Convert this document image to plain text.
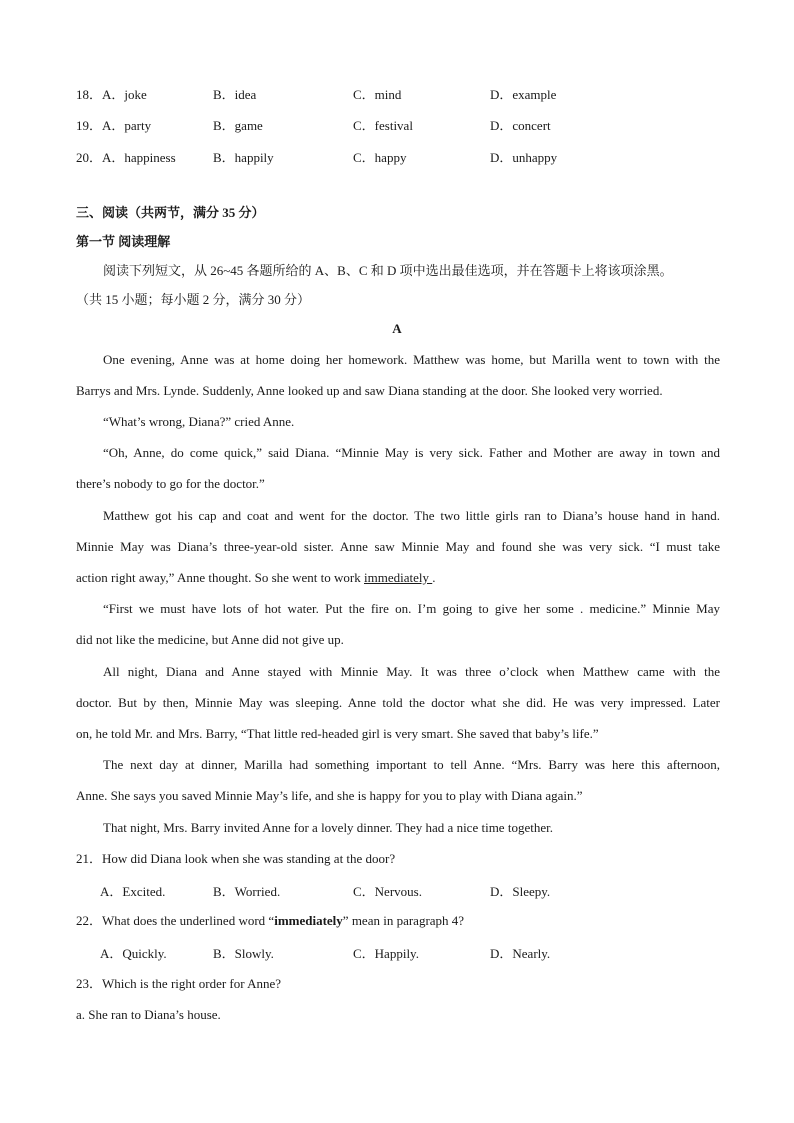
18．A．joke	B．idea	C．mind	D．example
19．A．party	B．game	C．festival	D．concert
20．A．happiness	B．happily	C．happy	D．unhappy
三、阅读（共两节，满分 35 分）
第一节 阅读理解
阅读下列短文，从 26~45 各题所给的 A、B、C 和 D 项中选出最佳选项，并在答题卡上将该项涂黑。
（共 15 小题；每小题 2 分，满分 30 分）
A
One evening, Anne was at home doing her homework. Matthew was home, but Marilla went to town with the
Barrys and Mrs. Lynde. Suddenly, Anne looked up and saw Diana standing at the door. She looked very worried.
“What’s wrong, Diana?” cried Anne.
“Oh, Anne, do come quick,” said Diana. “Minnie May is very sick. Father and Mother are away in town and
there’s nobody to go for the doctor.”
Matthew got his cap and coat and went for the doctor. The two little girls ran to Diana’s house hand in hand.
Minnie May was Diana’s three-year-old sister. Anne saw Minnie May and found she was very sick. “I must take
action right away,” Anne thought. So she went to work immediately .
“First we must have lots of hot water. Put the fire on. I’m going to give her some . medicine.” Minnie May
did not like the medicine, but Anne did not give up.
All night, Diana and Anne stayed with Minnie May. It was three o’clock when Matthew came with the
doctor. But by then, Minnie May was sleeping. Anne told the doctor what she did. He was very impressed. Later
on, he told Mr. and Mrs. Barry, “That little red-headed girl is very smart. She saved that baby’s life.”
The next day at dinner, Marilla had something important to tell Anne. “Mrs. Barry was here this afternoon,
Anne. She says you saved Minnie May’s life, and she is happy for you to play with Diana again.”
That night, Mrs. Barry invited Anne for a lovely dinner. They had a nice time together.
21．How did Diana look when she was standing at the door?
A．Excited.	B．Worried.	C．Nervous.	D．Sleepy.
22．What does the underlined word “immediately” mean in paragraph 4?
A．Quickly.	B．Slowly.	C．Happily.	D．Nearly.
23．Which is the right order for Anne?
a. She ran to Diana’s house.
